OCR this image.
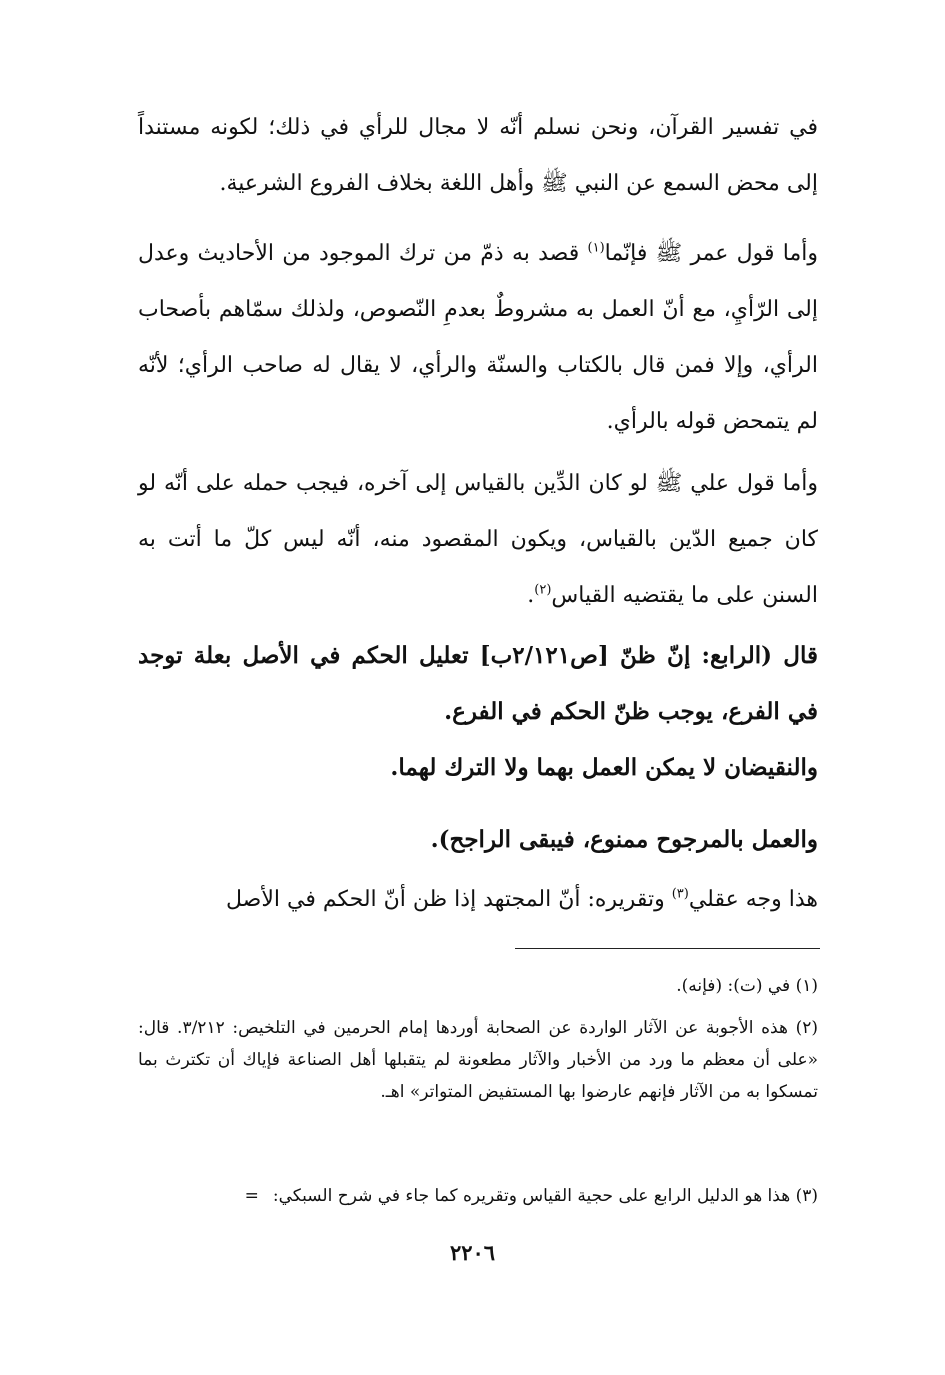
في تفسير القرآن، ونحن نسلم أنّه لا مجال للرأي في ذلك؛ لكونه مستنداً إلى محض السمع عن النبي ﷺ وأهل اللغة بخلاف الفروع الشرعية.

وأما قول عمر ﷺ فإنّما$^{(١)}$ قصد به ذمّ من ترك الموجود من الأحاديث وعدل إلى الرّأيِ، مع أنّ العمل به مشروطٌ بعدمِ النّصوص، ولذلك سمّاهم بأصحاب الرأي، وإلا فمن قال بالكتاب والسنّة والرأي، لا يقال له صاحب الرأي؛ لأنّه لم يتمحض قوله بالرأي.

وأما قول علي ﷺ لو كان الدِّين بالقياس إلى آخره، فيجب حمله على أنّه لو كان جميع الدّين بالقياس، ويكون المقصود منه، أنّه ليس كلّ ما أتت به السنن على ما يقتضيه القياس$^{(٢)}$.

قال (الرابع: إنّ ظنّ [ص٢/١٢١ب] تعليل الحكم في الأصل بعلة توجد في الفرع، يوجب ظنّ الحكم في الفرع.

والنقيضان لا يمكن العمل بهما ولا الترك لهما.

والعمل بالمرجوح ممنوع، فيبقى الراجح).

هذا وجه عقلي$^{(٣)}$ وتقريره: أنّ المجتهد إذا ظن أنّ الحكم في الأصل

(١) في (ت): (فإنه).

(٢) هذه الأجوبة عن الآثار الواردة عن الصحابة أوردها إمام الحرمين في التلخيص: ٣/٢١٢. قال: «على أن معظم ما ورد من الأخبار والآثار مطعونة لم يتقبلها أهل الصناعة فإياك أن تكترث بما تمسكوا به من الآثار فإنهم عارضوا بها المستفيض المتواتر» اهـ.

(٣) هذا هو الدليل الرابع على حجية القياس وتقريره كما جاء في شرح السبكي:=

٢٢٠٦
